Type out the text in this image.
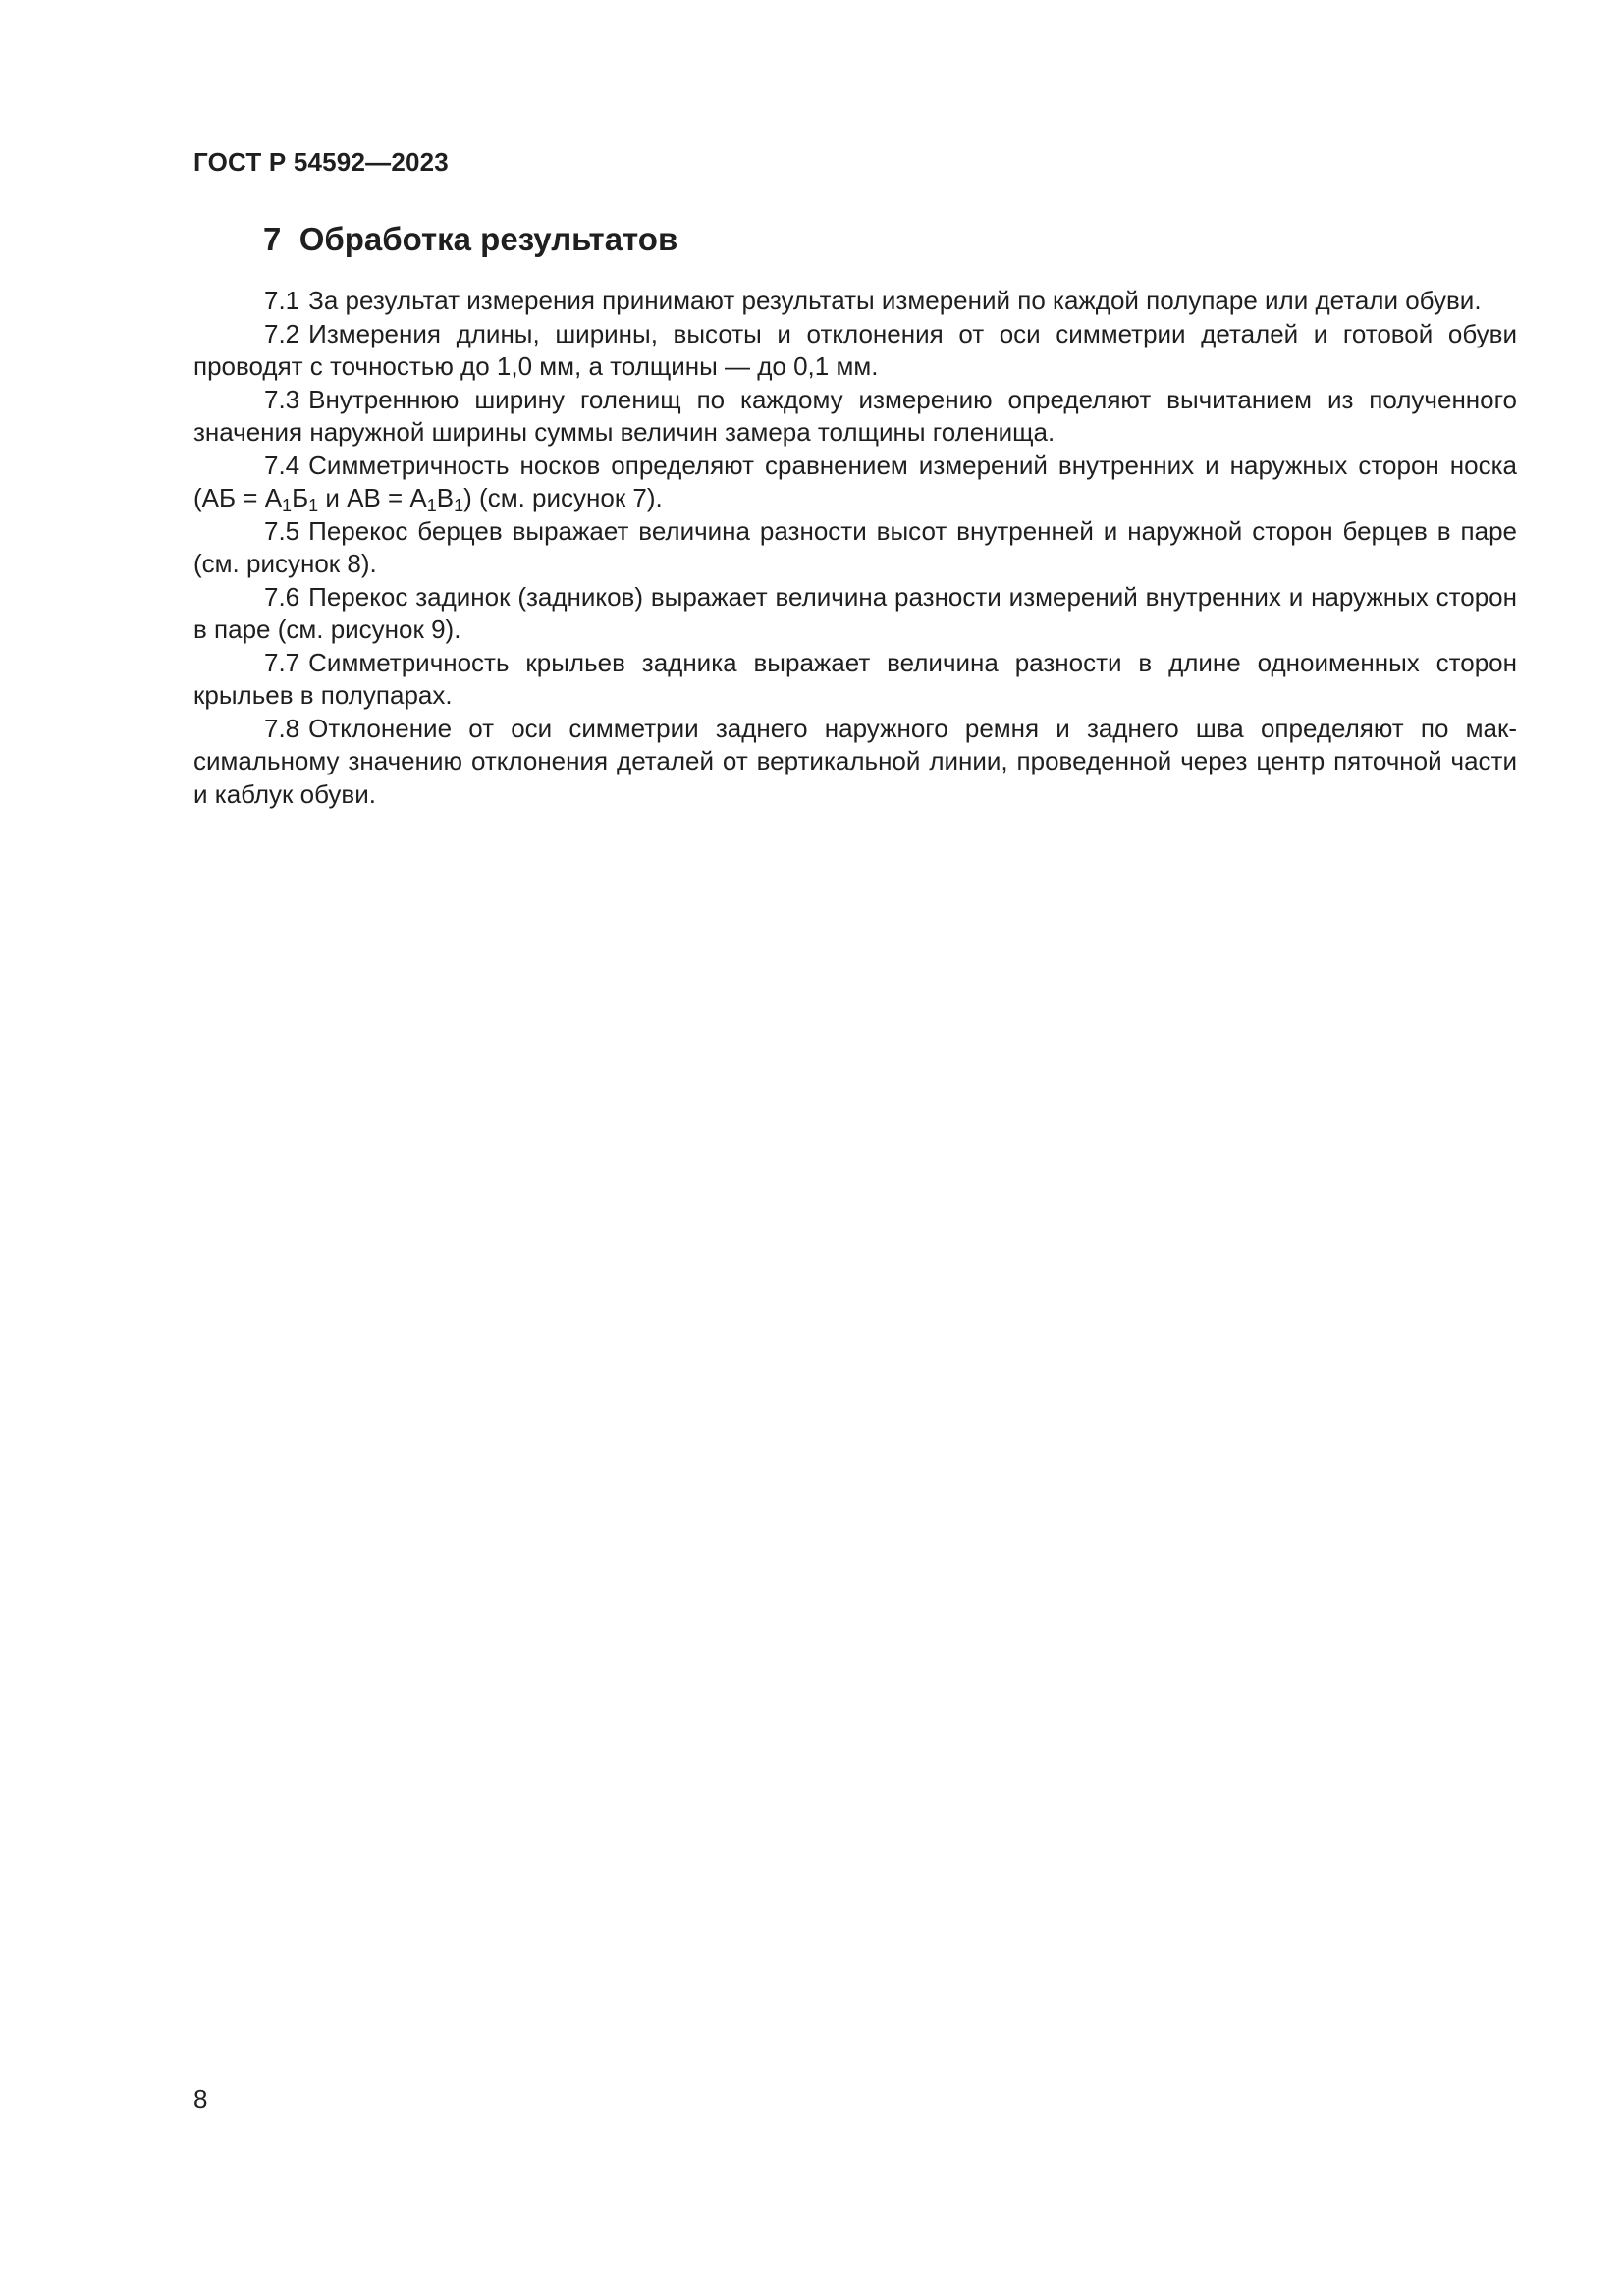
ГОСТ Р 54592—2023
7 Обработка результатов

7.1 За результат измерения принимают результаты измерений по каждой полупаре или детали обуви.

7.2 Измерения длины, ширины, высоты и отклонения от оси симметрии деталей и готовой обуви проводят с точностью до 1,0 мм, а толщины — до 0,1 мм.

7.3 Внутреннюю ширину голенищ по каждому измерению определяют вычитанием из полученного значения наружной ширины суммы величин замера толщины голенища.

7.4 Симметричность носков определяют сравнением измерений внутренних и наружных сторон носка ($АБ = А_1Б_1$ и АВ = $А_1В_1$) (см. рисунок 7).

7.5 Перекос берцев выражает величина разности высот внутренней и наружной сторон берцев в паре (см. рисунок 8).

7.6 Перекос задинок (задников) выражает величина разности измерений внутренних и наружных сторон в паре (см. рисунок 9).

7.7 Симметричность крыльев задника выражает величина разности в длине одноименных сторон крыльев в полупарах.

7.8 Отклонение от оси симметрии заднего наружного ремня и заднего шва определяют по максимальному значению отклонения деталей от вертикальной линии, проведенной через центр пяточной части и каблук обуви.

8
